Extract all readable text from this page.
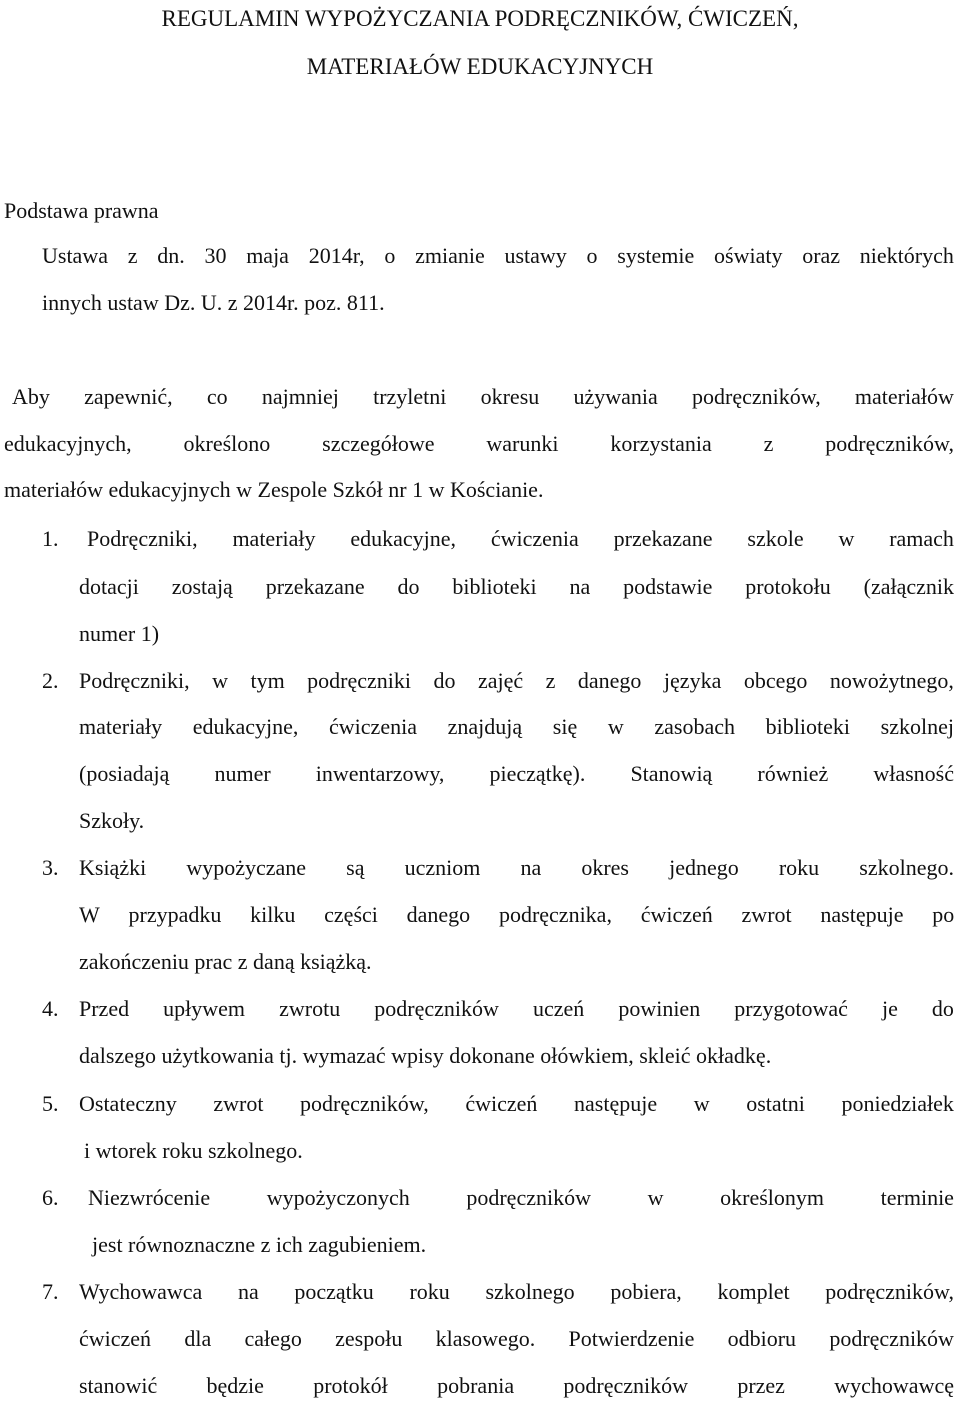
REGULAMIN WYPOŻYCZANIA PODRĘCZNIKÓW, ĆWICZEŃ,
MATERIAŁÓW EDUKACYJNYCH
Podstawa prawna
Ustawa z dn. 30 maja 2014r, o zmianie ustawy o systemie oświaty oraz niektórych
innych ustaw Dz. U. z 2014r. poz. 811.
Aby zapewnić, co najmniej trzyletni okresu używania podręczników, materiałów
edukacyjnych, określono szczegółowe warunki korzystania z podręczników,
materiałów edukacyjnych w Zespole Szkół nr 1 w Kościanie.
1. Podręczniki, materiały edukacyjne, ćwiczenia przekazane szkole w ramach
dotacji zostają przekazane do biblioteki na podstawie protokołu (załącznik
numer 1)
2. Podręczniki, w tym podręczniki do zajęć z danego języka obcego nowożytnego,
materiały edukacyjne, ćwiczenia znajdują się w zasobach biblioteki szkolnej
(posiadają numer inwentarzowy, pieczątkę). Stanowią również własność
Szkoły.
3. Książki wypożyczane są uczniom na okres jednego roku szkolnego.
W przypadku kilku części danego podręcznika, ćwiczeń zwrot następuje po
zakończeniu prac z daną książką.
4. Przed upływem zwrotu podręczników uczeń powinien przygotować je do
dalszego użytkowania tj. wymazać wpisy dokonane ołówkiem, skleić okładkę.
5. Ostateczny zwrot podręczników, ćwiczeń następuje w ostatni poniedziałek
i wtorek roku szkolnego.
6. Niezwrócenie	wypożyczonych	podręczników	w	określonym	terminie
jest równoznaczne z ich zagubieniem.
7. Wychowawca na początku roku szkolnego pobiera, komplet podręczników,
ćwiczeń dla całego zespołu klasowego. Potwierdzenie odbioru podręczników
stanowić będzie protokół pobrania podręczników przez wychowawcę
